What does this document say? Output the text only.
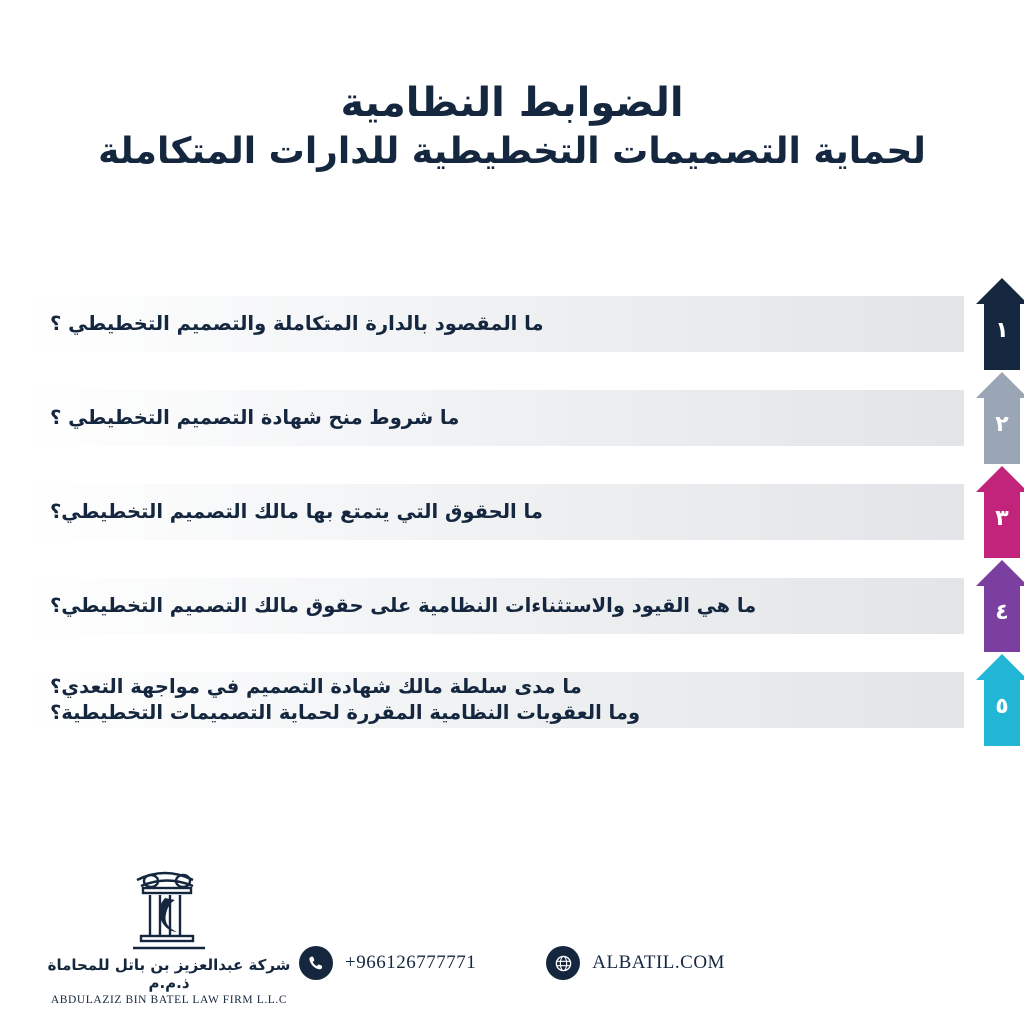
الضوابط النظامية
لحماية التصميمات التخطيطية للدارات المتكاملة
ما المقصود بالدارة المتكاملة والتصميم التخطيطي ؟	١
ما شروط منح شهادة التصميم التخطيطي ؟	٢
ما الحقوق التي يتمتع بها مالك التصميم التخطيطي؟	٣
ما هي القيود والاستثناءات النظامية على حقوق مالك التصميم التخطيطي؟	٤
ما مدى سلطة مالك شهادة التصميم في مواجهة التعدي؟
وما العقوبات النظامية المقررة لحماية التصميمات التخطيطية؟	٥
شركة عبدالعزيز بن باتل للمحاماة ذ.م.م
ABDULAZIZ BIN BATEL LAW FIRM L.L.C
ALBATIL.COM
+966126777771
